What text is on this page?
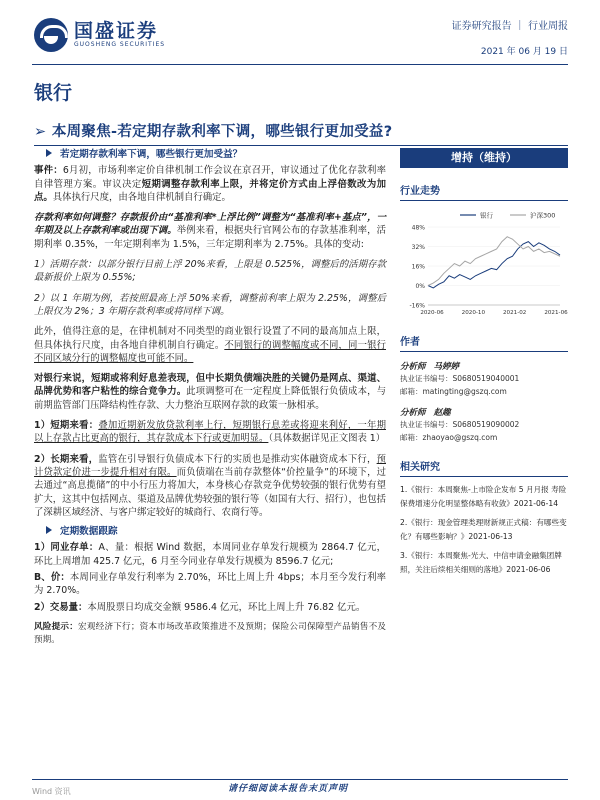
国盛证券
GUOSHENG SECURITIES
证券研究报告 ｜ 行业周报
2021 年 06 月 19 日
银行
➢ 本周聚焦-若定期存款利率下调，哪些银行更加受益?
若定期存款利率下调，哪些银行更加受益？
事件：6月初，市场利率定价自律机制工作会议在京召开，审议通过了优化存款利率自律管理方案。审议决定短期调整存款利率上限，并将定价方式由上浮倍数改为加点。具体执行尺度，由各地自律机制自行确定。
存款利率如何调整？存款报价由“基准利率*上浮比例”调整为“基准利率+基点”，一年期及以上存款利率或出现下调。举例来看，根据央行官网公布的存款基准利率，活期利率 0.35%，一年定期利率为 1.5%，三年定期利率为 2.75%。具体的变动:
1）活期存款：以部分银行目前上浮 20%来看，上限是 0.525%，调整后的活期存款最新报价上限为 0.55%;
2）以 1 年期为例，若按照最高上浮 50%来看，调整前利率上限为 2.25%，调整后上限仅为 2%；3 年期存款利率或将同样下调。
此外，值得注意的是，在律机制对不同类型的商业银行设置了不同的最高加点上限，但具体执行尺度，由各地自律机制自行确定。不同银行的调整幅度或不同，同一银行不同区域分行的调整幅度也可能不同。
对银行来说，短期或将利好息差表现，但中长期负债端决胜的关键仍是网点、渠道、品牌优势和客户粘性的综合竞争力。此项调整可在一定程度上降低银行负债成本，与前期监管部门压降结构性存款、大力整治互联网存款的政策一脉相承。
1）短期来看：叠加近期新发放贷款利率上行，短期银行息差或将迎来利好，一年期以上存款占比更高的银行，其存款成本下行或更加明显。（具体数据详见正文图表 1）
2）长期来看，监管在引导银行负债成本下行的实质也是推动实体融资成本下行，预计贷款定价进一步提升相对有限。而负债端在当前存款整体“价控量争”的环境下，过去通过“高息揽储”的中小行压力将加大，本身核心存款竞争优势较强的银行优势有望扩大，这其中包括网点、渠道及品牌优势较强的银行等（如国有大行、招行），也包括了深耕区域经济、与客户绑定较好的城商行、农商行等。
定期数据跟踪
1）同业存单：A、量：根据 Wind 数据，本周同业存单发行规模为 2864.7 亿元，环比上周增加 425.7 亿元，6 月至今同业存单发行规模为 8596.7 亿元;
B、价：本周同业存单发行利率为 2.70%，环比上周上升 4bps；本月至今发行利率为 2.70%。
2）交易量：本周股票日均成交金额 9586.4 亿元，环比上周上升 76.82 亿元。
风险提示：宏观经济下行；资本市场改革政策推进不及预期；保险公司保障型产品销售不及预期。
增持（维持）
行业走势
48%
32%
16%
0%
-16%
2020-06	2020-10	2021-02	2021-06
银行	沪深300
作者
分析师 马婷婷
执业证书编号：S0680519040001
邮箱：matingting@gszq.com
分析师 赵趣
执业证书编号：S0680519090002
邮箱：zhaoyao@gszq.com
相关研究
1.《银行：本周聚焦-上市险企发布 5 月月报 寿险保费增速分化明显整体略有收敛》2021-06-14
2.《银行：现金管理类理财新规正式稿：有哪些变化？有哪些影响？》2021-06-13
3.《银行：本周聚焦-光大、中信申请金融集团牌照，关注后续相关细则的落地》2021-06-06
Wind 资讯	请仔细阅读本报告末页声明
